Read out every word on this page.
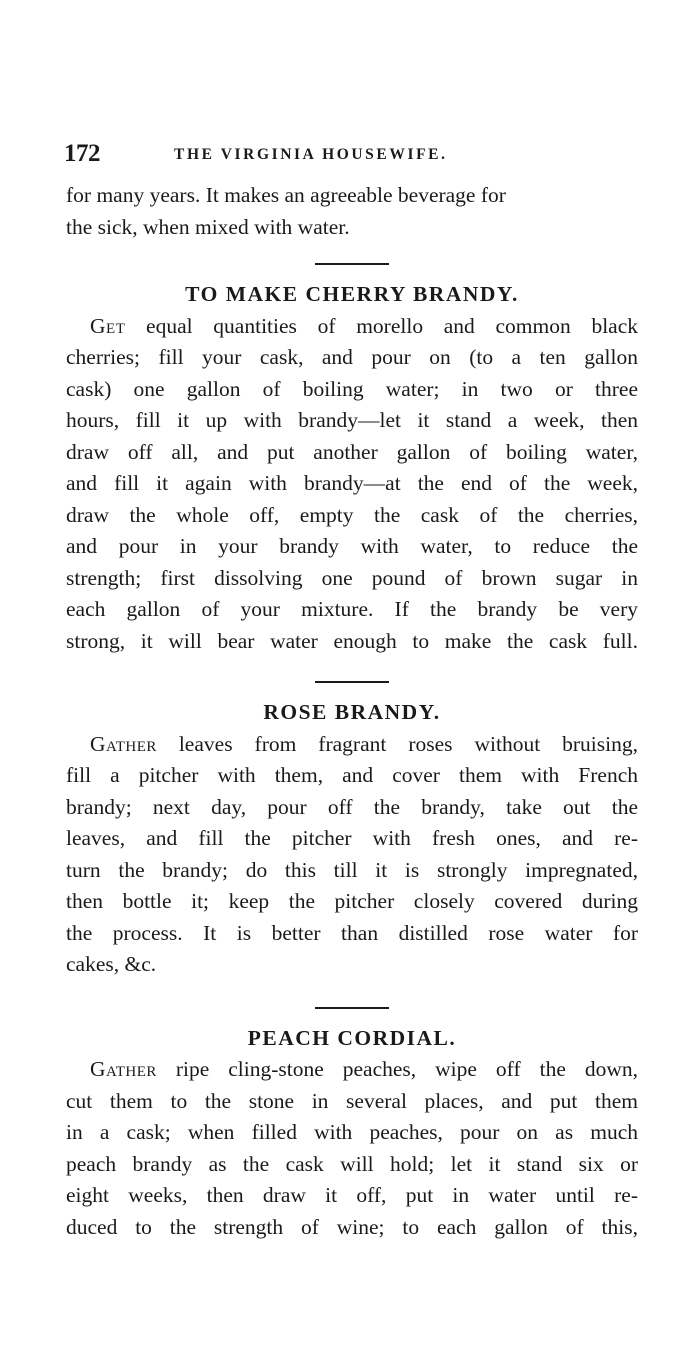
172	THE VIRGINIA HOUSEWIFE.
for many years. It makes an agreeable beverage for
the sick, when mixed with water.
TO MAKE CHERRY BRANDY.
Get equal quantities of morello and common black
cherries; fill your cask, and pour on (to a ten gallon
cask) one gallon of boiling water; in two or three
hours, fill it up with brandy—let it stand a week, then
draw off all, and put another gallon of boiling water,
and fill it again with brandy—at the end of the week,
draw the whole off, empty the cask of the cherries,
and pour in your brandy with water, to reduce the
strength; first dissolving one pound of brown sugar in
each gallon of your mixture. If the brandy be very
strong, it will bear water enough to make the cask full.
ROSE BRANDY.
Gather leaves from fragrant roses without bruising,
fill a pitcher with them, and cover them with French
brandy; next day, pour off the brandy, take out the
leaves, and fill the pitcher with fresh ones, and re-
turn the brandy; do this till it is strongly impregnated,
then bottle it; keep the pitcher closely covered during
the process. It is better than distilled rose water for
cakes, &c.
PEACH CORDIAL.
Gather ripe cling-stone peaches, wipe off the down,
cut them to the stone in several places, and put them
in a cask; when filled with peaches, pour on as much
peach brandy as the cask will hold; let it stand six or
eight weeks, then draw it off, put in water until re-
duced to the strength of wine; to each gallon of this,
